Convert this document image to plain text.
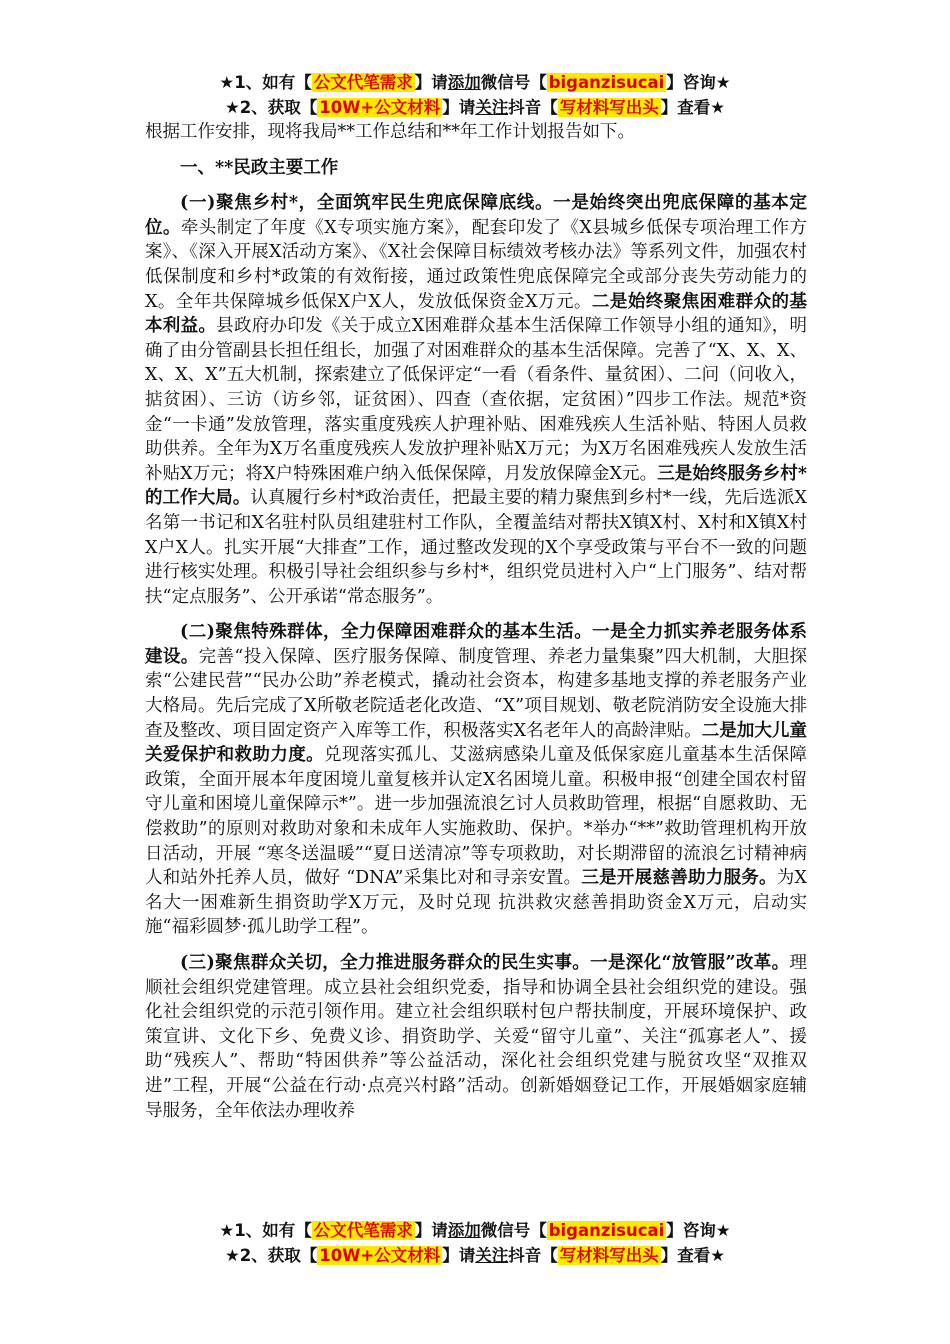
★1、如有【 公文代笔需求 】请添加微信号【 biganzisucai 】咨询★
★2、获取【 10W+公文材料 】请关注抖音【 写材料写出头 】查看★

根据工作安排，现将我局**工作总结和**年工作计划报告如下。

一、**民政主要工作

(一)聚焦乡村*，全面筑牢民生兜底保障底线。一是始终突出兜底保障的基本定位。牵头制定了年度《X专项实施方案》，配套印发了《X县城乡低保专项治理工作方案》、《深入开展X活动方案》、《X社会保障目标绩效考核办法》等系列文件，加强农村低保制度和乡村*政策的有效衔接，通过政策性兜底保障完全或部分丧失劳动能力的X。全年共保障城乡低保X户X人，发放低保资金X万元。二是始终聚焦困难群众的基本利益。县政府办印发《关于成立X困难群众基本生活保障工作领导小组的通知》，明确了由分管副县长担任组长，加强了对困难群众的基本生活保障。完善了“X、X、X、X、X、X”五大机制，探索建立了低保评定“一看（看条件、量贫困）、二问（问收入，掂贫困）、三访（访乡邻，证贫困）、四查（查依据，定贫困）”四步工作法。规范*资金“一卡通”发放管理，落实重度残疾人护理补贴、困难残疾人生活补贴、特困人员救助供养。全年为X万名重度残疾人发放护理补贴X万元；为X万名困难残疾人发放生活补贴X万元；将X户特殊困难户纳入低保保障，月发放保障金X元。三是始终服务乡村*的工作大局。认真履行乡村*政治责任，把最主要的精力聚焦到乡村*一线，先后选派X名第一书记和X名驻村队员组建驻村工作队，全覆盖结对帮扶X镇X村、X村和X镇X村X户X人。扎实开展“大排查”工作，通过整改发现的X个享受政策与平台不一致的问题进行核实处理。积极引导社会组织参与乡村*，组织党员进村入户“上门服务”、结对帮扶“定点服务”、公开承诺“常态服务”。

(二)聚焦特殊群体，全力保障困难群众的基本生活。一是全力抓实养老服务体系建设。完善“投入保障、医疗服务保障、制度管理、养老力量集聚”四大机制，大胆探索“公建民营”“民办公助”养老模式，撬动社会资本，构建多基地支撑的养老服务产业大格局。先后完成了X所敬老院适老化改造、“X”项目规划、敬老院消防安全设施大排查及整改、项目固定资产入库等工作，积极落实X名老年人的高龄津贴。二是加大儿童关爱保护和救助力度。兑现落实孤儿、艾滋病感染儿童及低保家庭儿童基本生活保障政策，全面开展本年度困境儿童复核并认定X名困境儿童。积极申报“创建全国农村留守儿童和困境儿童保障示*”。进一步加强流浪乞讨人员救助管理，根据“自愿救助、无偿救助”的原则对救助对象和未成年人实施救助、保护。*举办“**”救助管理机构开放日活动，开展 “寒冬送温暖”“夏日送清凉”等专项救助，对长期滞留的流浪乞讨精神病人和站外托养人员，做好 “DNA”采集比对和寻亲安置。三是开展慈善助力服务。为X名大一困难新生捐资助学X万元，及时兑现 抗洪救灾慈善捐助资金X万元，启动实施“福彩圆梦·孤儿助学工程”。

(三)聚焦群众关切，全力推进服务群众的民生实事。一是深化“放管服”改革。理顺社会组织党建管理。成立县社会组织党委，指导和协调全县社会组织党的建设。强化社会组织党的示范引领作用。建立社会组织联村包户帮扶制度，开展环境保护、政策宣讲、文化下乡、免费义诊、捐资助学、关爱“留守儿童”、关注“孤寡老人”、援助“残疾人”、帮助“特困供养”等公益活动，深化社会组织党建与脱贫攻坚“双推双进”工程，开展“公益在行动·点亮兴村路”活动。创新婚姻登记工作，开展婚姻家庭辅导服务，全年依法办理收养

★1、如有【 公文代笔需求 】请添加微信号【 biganzisucai 】咨询★
★2、获取【 10W+公文材料 】请关注抖音【 写材料写出头 】查看★
